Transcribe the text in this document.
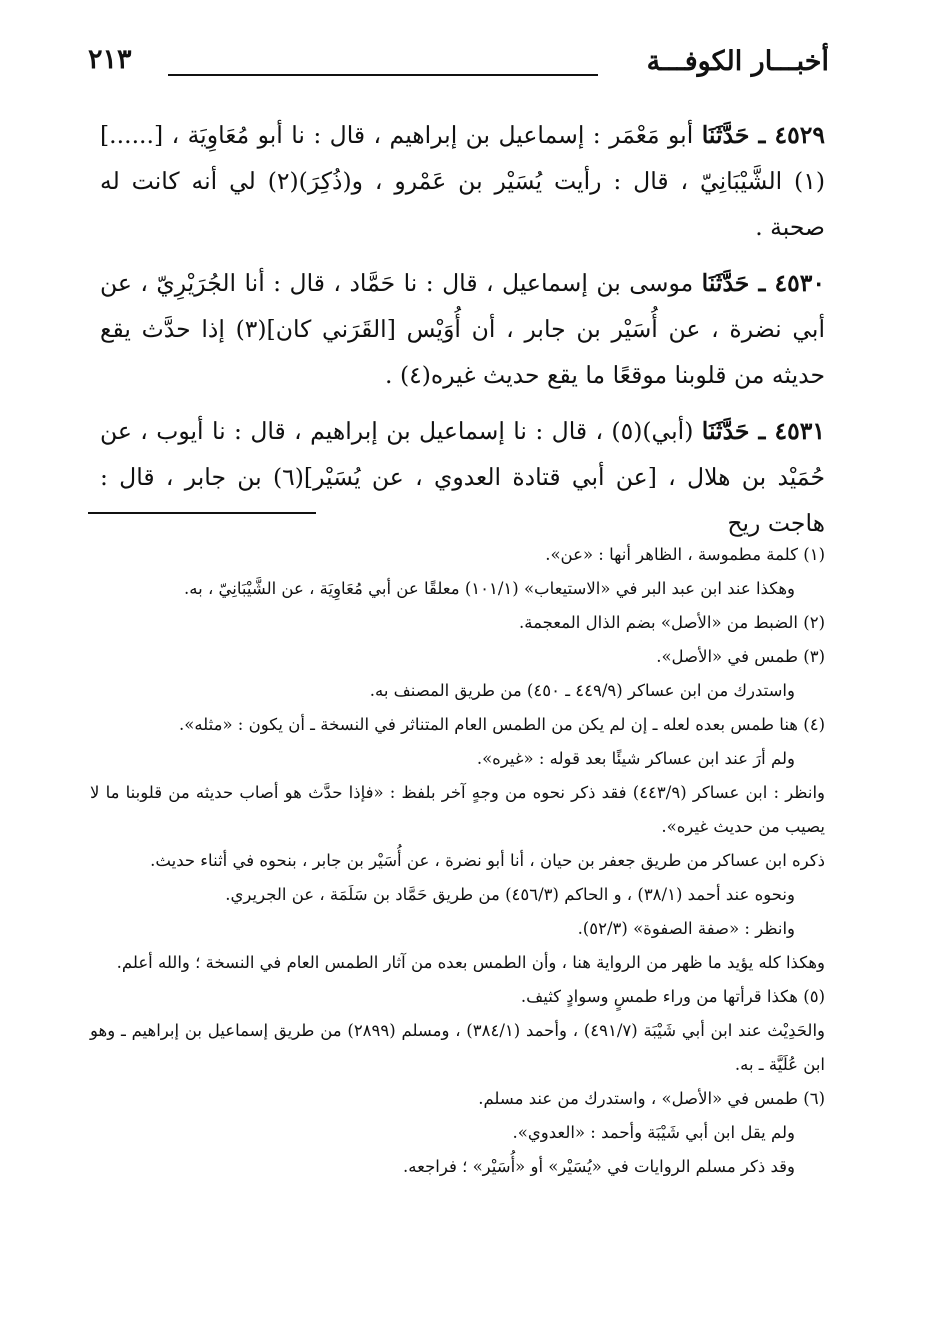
أخبـــار الكوفـــة
٢١٣

٤٥٢٩ ـ حَدَّثَنَا أبو مَعْمَر : إسماعيل بن إبراهيم ، قال : نا أبو مُعَاوِيَة ، [......](١) الشَّيْبَانِيّ ، قال : رأيت يُسَيْر بن عَمْرو ، و(ذُكِرَ)(٢) لي أنه كانت له صحبة .

٤٥٣٠ ـ حَدَّثَنَا موسى بن إسماعيل ، قال : نا حَمَّاد ، قال : أنا الجُرَيْرِيّ ، عن أبي نضرة ، عن أُسَيْر بن جابر ، أن أُوَيْس [القَرَني كان](٣) إذا حدَّث يقع حديثه من قلوبنا موقعًا ما يقع حديث غيره(٤) .

٤٥٣١ ـ حَدَّثَنَا (أبي)(٥) ، قال : نا إسماعيل بن إبراهيم ، قال : نا أيوب ، عن حُمَيْد بن هلال ، [عن أبي قتادة العدوي ، عن يُسَيْر](٦) بن جابر ، قال : هاجت ريح

(١) كلمة مطموسة ، الظاهر أنها : «عن».
وهكذا عند ابن عبد البر في «الاستيعاب» (١٠١/١) معلقًا عن أبي مُعَاوِيَة ، عن الشَّيْبَانِيّ ، به.
(٢) الضبط من «الأصل» بضم الذال المعجمة.
(٣) طمس في «الأصل».
واستدرك من ابن عساكر (٤٤٩/٩ ـ ٤٥٠) من طريق المصنف به.
(٤) هنا طمس بعده لعله ـ إن لم يكن من الطمس العام المتناثر في النسخة ـ أن يكون : «مثله».
ولم أرَ عند ابن عساكر شيئًا بعد قوله : «غيره».
وانظر : ابن عساكر (٤٤٣/٩) فقد ذكر نحوه من وجهٍ آخر بلفظ : «فإذا حدَّث هو أصاب حديثه من قلوبنا ما لا يصيب من حديث غيره».
ذكره ابن عساكر من طريق جعفر بن حيان ، أنا أبو نضرة ، عن أُسَيْر بن جابر ، بنحوه في أثناء حديث.
ونحوه عند أحمد (٣٨/١) ، و الحاكم (٤٥٦/٣) من طريق حَمَّاد بن سَلَمَة ، عن الجريري.
وانظر : «صفة الصفوة» (٥٢/٣).
وهكذا كله يؤيد ما ظهر من الرواية هنا ، وأن الطمس بعده من آثار الطمس العام في النسخة ؛ والله أعلم.
(٥) هكذا قرأتها من وراء طمسٍ وسوادٍ كثيف.
والحَدِيْث عند ابن أبي شَيْبَة (٤٩١/٧) ، وأحمد (٣٨٤/١) ، ومسلم (٢٨٩٩) من طريق إسماعيل بن إبراهيم ـ وهو ابن عُلَيَّة ـ به.
(٦) طمس في «الأصل» ، واستدرك من عند مسلم.
ولم يقل ابن أبي شَيْبَة وأحمد : «العدوي».
وقد ذكر مسلم الروايات في «يُسَيْر» أو «أُسَيْر» ؛ فراجعه.
